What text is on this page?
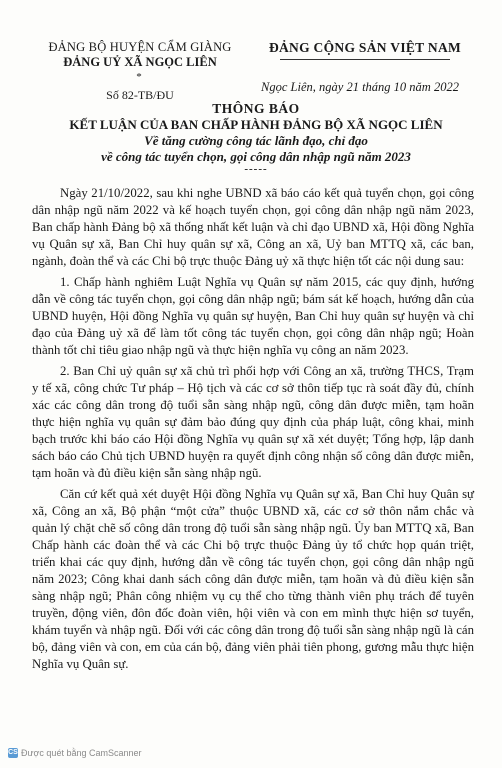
ĐẢNG BỘ HUYỆN CẨM GIÀNG
ĐẢNG UỶ XÃ NGỌC LIÊN
*
Số 82-TB/ĐU
ĐẢNG CỘNG SẢN VIỆT NAM
Ngọc Liên, ngày 21 tháng 10 năm 2022
THÔNG BÁO
KẾT LUẬN CỦA BAN CHẤP HÀNH ĐẢNG BỘ XÃ NGỌC LIÊN
Về tăng cường công tác lãnh đạo, chỉ đạo
về công tác tuyển chọn, gọi công dân nhập ngũ năm 2023
-----

Ngày 21/10/2022, sau khi nghe UBND xã báo cáo kết quả tuyển chọn, gọi công dân nhập ngũ năm 2022 và kế hoạch tuyển chọn, gọi công dân nhập ngũ năm 2023, Ban chấp hành Đảng bộ xã thống nhất kết luận và chỉ đạo UBND xã, Hội đồng Nghĩa vụ Quân sự xã, Ban Chỉ huy quân sự xã, Công an xã, Uỷ ban MTTQ xã, các ban, ngành, đoàn thể và các Chi bộ trực thuộc Đảng uỷ xã thực hiện tốt các nội dung sau:

1. Chấp hành nghiêm Luật Nghĩa vụ Quân sự năm 2015, các quy định, hướng dẫn về công tác tuyển chọn, gọi công dân nhập ngũ; bám sát kế hoạch, hướng dẫn của UBND huyện, Hội đồng Nghĩa vụ quân sự huyện, Ban Chỉ huy quân sự huyện và chỉ đạo của Đảng uỷ xã để làm tốt công tác tuyển chọn, gọi công dân nhập ngũ; Hoàn thành tốt chỉ tiêu giao nhập ngũ và thực hiện nghĩa vụ công an năm 2023.

2. Ban Chỉ uỷ quân sự xã chủ trì phối hợp với Công an xã, trường THCS, Trạm y tế xã, công chức Tư pháp – Hộ tịch và các cơ sở thôn tiếp tục rà soát đầy đủ, chính xác các công dân trong độ tuổi sẵn sàng nhập ngũ, công dân được miễn, tạm hoãn thực hiện nghĩa vụ quân sự đảm bảo đúng quy định của pháp luật, công khai, minh bạch trước khi báo cáo Hội đồng Nghĩa vụ quân sự xã xét duyệt; Tổng hợp, lập danh sách báo cáo Chủ tịch UBND huyện ra quyết định công nhận số công dân được miễn, tạm hoãn và đủ điều kiện sẵn sàng nhập ngũ.

Căn cứ kết quả xét duyệt Hội đồng Nghĩa vụ Quân sự xã, Ban Chỉ huy Quân sự xã, Công an xã, Bộ phận “một cửa” thuộc UBND xã, các cơ sở thôn nắm chắc và quản lý chặt chẽ số công dân trong độ tuổi sẵn sàng nhập ngũ. Ủy ban MTTQ xã, Ban Chấp hành các đoàn thể và các Chi bộ trực thuộc Đảng ủy tổ chức họp quán triệt, triển khai các quy định, hướng dẫn về công tác tuyển chọn, gọi công dân nhập ngũ năm 2023; Công khai danh sách công dân được miễn, tạm hoãn và đủ điều kiện sẵn sàng nhập ngũ; Phân công nhiệm vụ cụ thể cho từng thành viên phụ trách để tuyên truyền, động viên, đôn đốc đoàn viên, hội viên và con em mình thực hiện sơ tuyển, khám tuyển và nhập ngũ. Đối với các công dân trong độ tuổi sẵn sàng nhập ngũ là cán bộ, đảng viên và con, em của cán bộ, đảng viên phải tiên phong, gương mẫu thực hiện Nghĩa vụ Quân sự.

CS Được quét bằng CamScanner
